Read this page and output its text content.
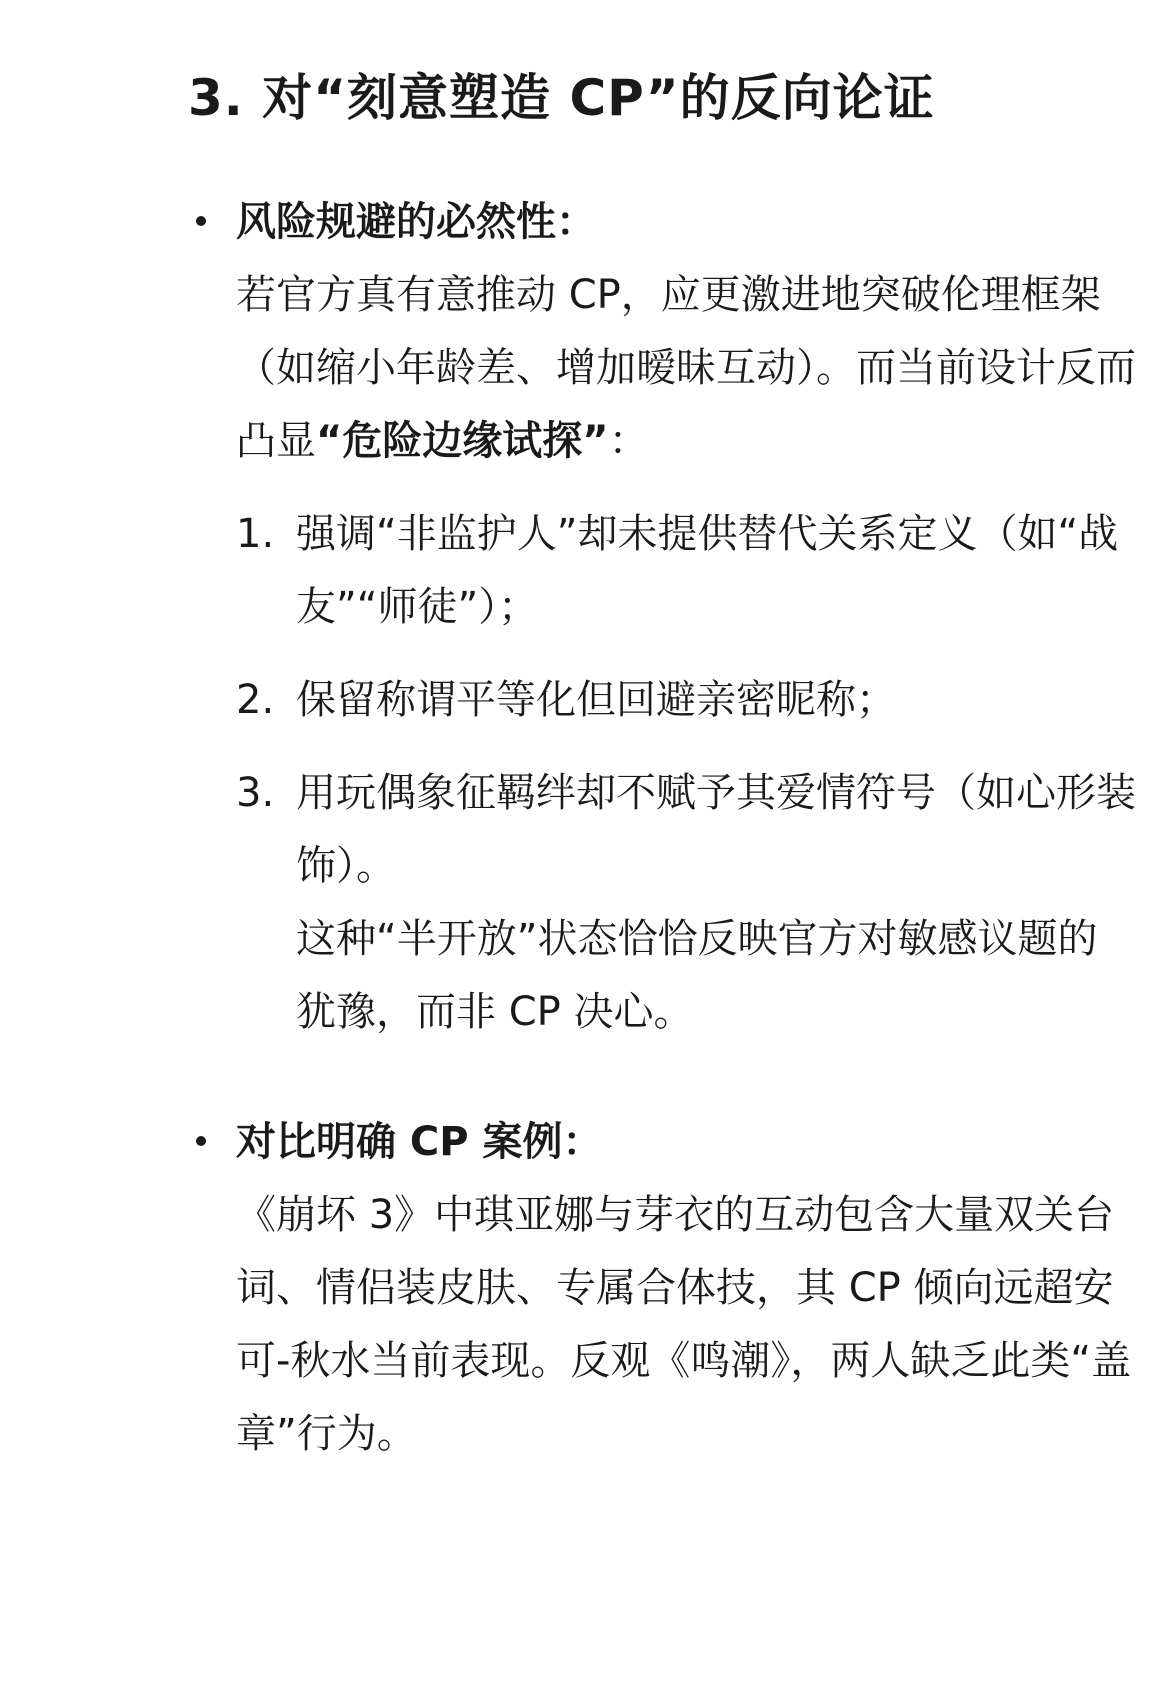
3. 对“刻意塑造 CP”的反向论证
风险规避的必然性：
若官方真有意推动 CP，应更激进地突破伦理框架（如缩小年龄差、增加暧昧互动）。而当前设计反而凸显“危险边缘试探”：
1. 强调“非监护人”却未提供替代关系定义（如“战友”“师徒”）；
2. 保留称谓平等化但回避亲密昵称；
3. 用玩偶象征羁绊却不赋予其爱情符号（如心形装饰）。
这种“半开放”状态恰恰反映官方对敏感议题的犹豫，而非 CP 决心。
对比明确 CP 案例：
《崩坏 3》中琪亚娜与芽衣的互动包含大量双关台词、情侣装皮肤、专属合体技，其 CP 倾向远超安可-秋水当前表现。反观《鸣潮》，两人缺乏此类“盖章”行为。
